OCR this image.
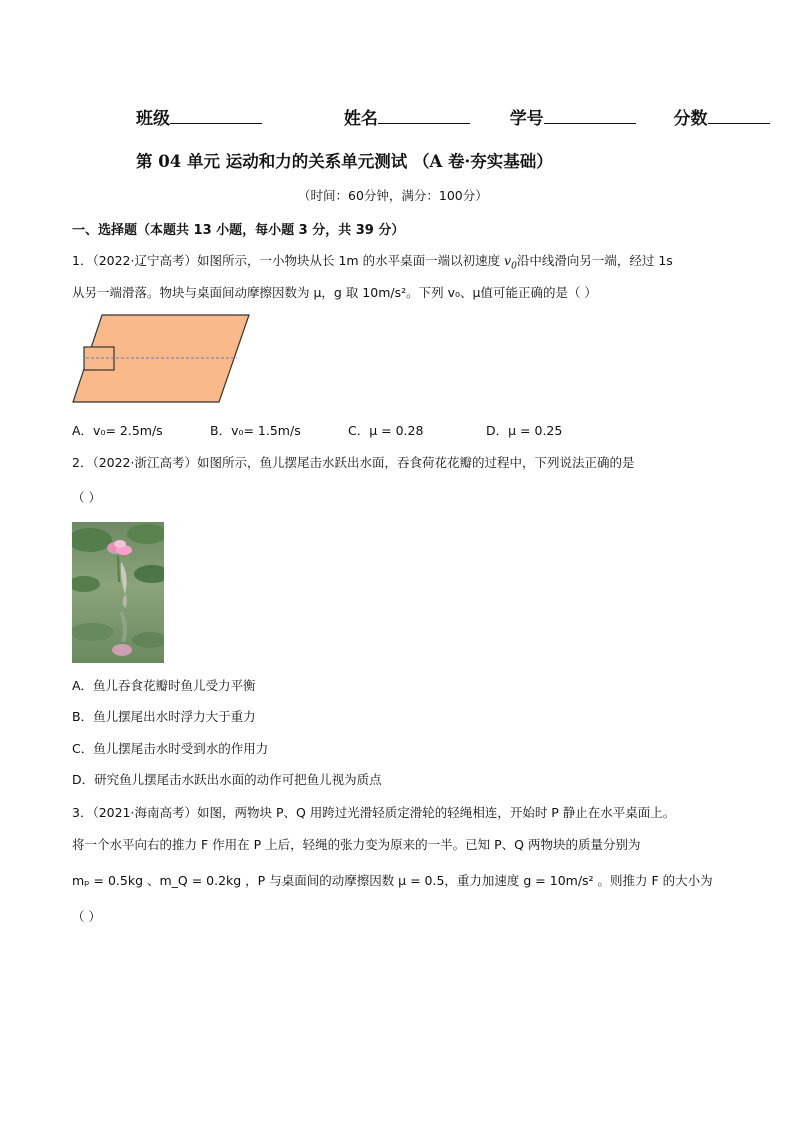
班级	姓名	学号	分数
第 04 单元 运动和力的关系单元测试 （A 卷·夯实基础）
（时间：60分钟，满分：100分）
一、选择题（本题共 13 小题，每小题 3 分，共 39 分）
1．（2022·辽宁高考）如图所示，一小物块从长 1m 的水平桌面一端以初速度 $v_0$沿中线滑向另一端，经过 1s
从另一端滑落。物块与桌面间动摩擦因数为 μ，g 取 10m/s²。下列 v₀、μ值可能正确的是（ ）
A．v₀= 2.5m/s	B．v₀= 1.5m/s	C．μ = 0.28	D．μ = 0.25
2．（2022·浙江高考）如图所示，鱼儿摆尾击水跃出水面，吞食荷花花瓣的过程中，下列说法正确的是
（ ）
A．鱼儿吞食花瓣时鱼儿受力平衡
B．鱼儿摆尾出水时浮力大于重力
C．鱼儿摆尾击水时受到水的作用力
D．研究鱼儿摆尾击水跃出水面的动作可把鱼儿视为质点
3．（2021·海南高考）如图，两物块 P、Q 用跨过光滑轻质定滑轮的轻绳相连，开始时 P 静止在水平桌面上。
将一个水平向右的推力 F 作用在 P 上后，轻绳的张力变为原来的一半。已知 P、Q 两物块的质量分别为
mₚ = 0.5kg 、m_Q = 0.2kg ，P 与桌面间的动摩擦因数 μ = 0.5，重力加速度 g = 10m/s² 。则推力 F 的大小为
（ ）
